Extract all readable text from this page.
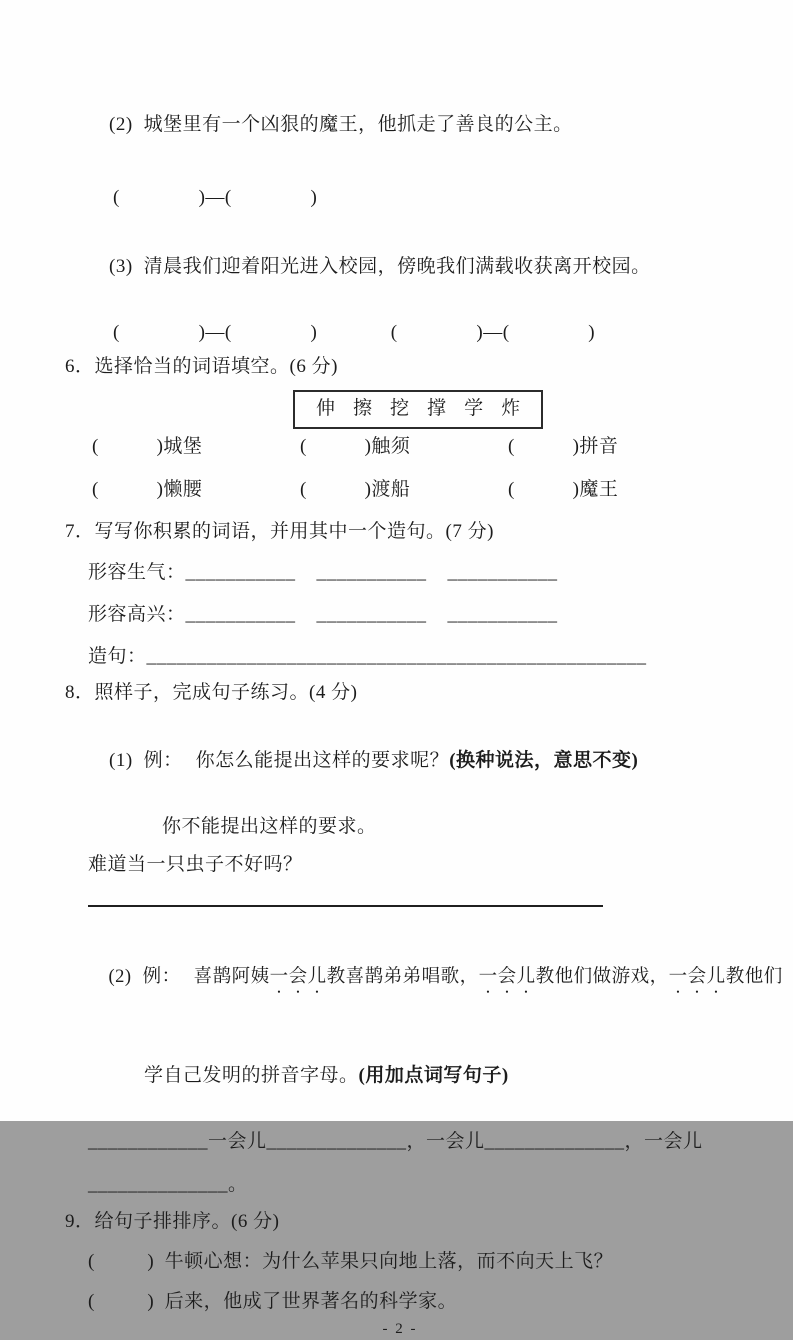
(2) 城堡里有一个凶狠的魔王，他抓走了善良的公主。

(               )—(               )

(3) 清晨我们迎着阳光进入校园，傍晚我们满载收获离开校园。

(               )—(               )              (               )—(               )
6．选择恰当的词语填空。(6 分)
伸 擦 挖 撑 学 炸
(           )城堡	(           )触须	(           )拼音
(           )懒腰	(           )渡船	(           )魔王
7．写写你积累的词语，并用其中一个造句。(7 分)
形容生气：___________    ___________    ___________
形容高兴：___________    ___________    ___________
造句：__________________________________________________
8．照样子，完成句子练习。(4 分)

(1) 例： 你怎么能提出这样的要求呢？(换种说法，意思不变)

你不能提出这样的要求。
难道当一只虫子不好吗？

(2) 例： 喜鹊阿姨一会儿教喜鹊弟弟唱歌，一会儿教他们做游戏，一会儿教他们

学自己发明的拼音字母。(用加点词写句子)

____________一会儿______________，一会儿______________，一会儿
______________。
9．给句子排排序。(6 分)
(          )  牛顿心想：为什么苹果只向地上落，而不向天上飞？
(          )  后来，他成了世界著名的科学家。
- 2 -
